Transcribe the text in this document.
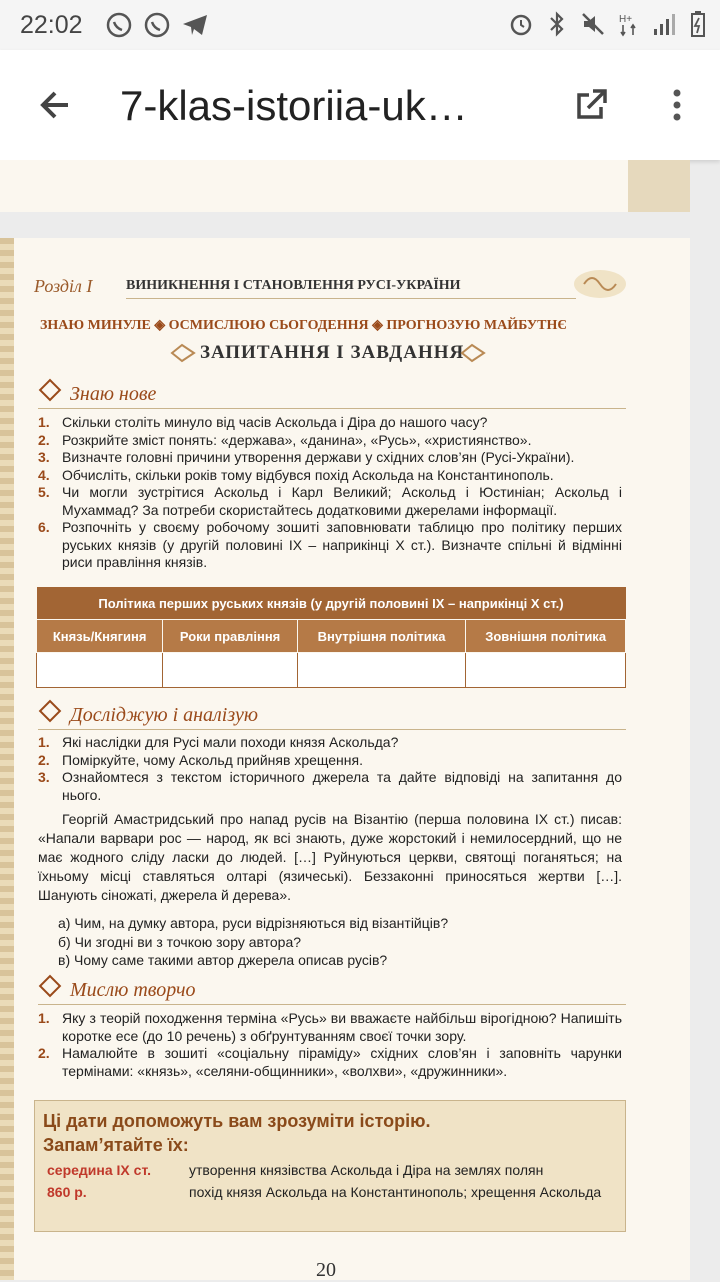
22:02	H+
7-klas-istoriia-uk…
Розділ I ВИНИКНЕННЯ І СТАНОВЛЕННЯ РУСІ-УКРАЇНИ
ЗНАЮ МИНУЛЕ ◈ ОСМИСЛЮЮ СЬОГОДЕННЯ ◈ ПРОГНОЗУЮ МАЙБУТНЄ
ЗАПИТАННЯ І ЗАВДАННЯ
Знаю нове
1. Скільки століть минуло від часів Аскольда і Діра до нашого часу?
2. Розкрийте зміст понять: «держава», «данина», «Русь», «християнство».
3. Визначте головні причини утворення держави у східних слов’ян (Русі-України).
4. Обчисліть, скільки років тому відбувся похід Аскольда на Константинополь.
5. Чи могли зустрітися Аскольд і Карл Великий; Аскольд і Юстиніан; Аскольд і Мухаммад? За потреби скористайтесь додатковими джерелами інформації.
6. Розпочніть у своєму робочому зошиті заповнювати таблицю про політику перших руських князів (у другій половині IX – наприкінці X ст.). Визначте спільні й відмінні риси правління князів.
Політика перших руських князів (у другій половині IX – наприкінці X ст.)			
Князь/Княгиня	Роки правління	Внутрішня політика	Зовнішня політика

Досліджую і аналізую
1. Які наслідки для Русі мали походи князя Аскольда?
2. Поміркуйте, чому Аскольд прийняв хрещення.
3. Ознайомтеся з текстом історичного джерела та дайте відповіді на запитання до нього.
Георгій Амастридський про напад русів на Візантію (перша половина IX ст.) писав: «Напали варвари рос — народ, як всі знають, дуже жорстокий і немилосердний, що не має жодного сліду ласки до людей. […] Руйнуються церкви, святощі поганяться; на їхньому місці ставляться олтарі (язичеські). Беззаконні приносяться жертви […]. Шанують сіножаті, джерела й дерева».
а) Чим, на думку автора, руси відрізняються від візантійців?
б) Чи згодні ви з точкою зору автора?
в) Чому саме такими автор джерела описав русів?
Мислю творчо
1. Яку з теорій походження терміна «Русь» ви вважаєте найбільш вірогідною? Напишіть коротке есе (до 10 речень) з обґрунтуванням своєї точки зору.
2. Намалюйте в зошиті «соціальну піраміду» східних слов’ян і заповніть чарунки термінами: «князь», «селяни-общинники», «волхви», «дружинники».
Ці дати допоможуть вам зрозуміти історію.
Запам’ятайте їх:
середина IX ст.	утворення князівства Аскольда і Діра на землях полян
860 р.	похід князя Аскольда на Константинополь; хрещення Аскольда
20
